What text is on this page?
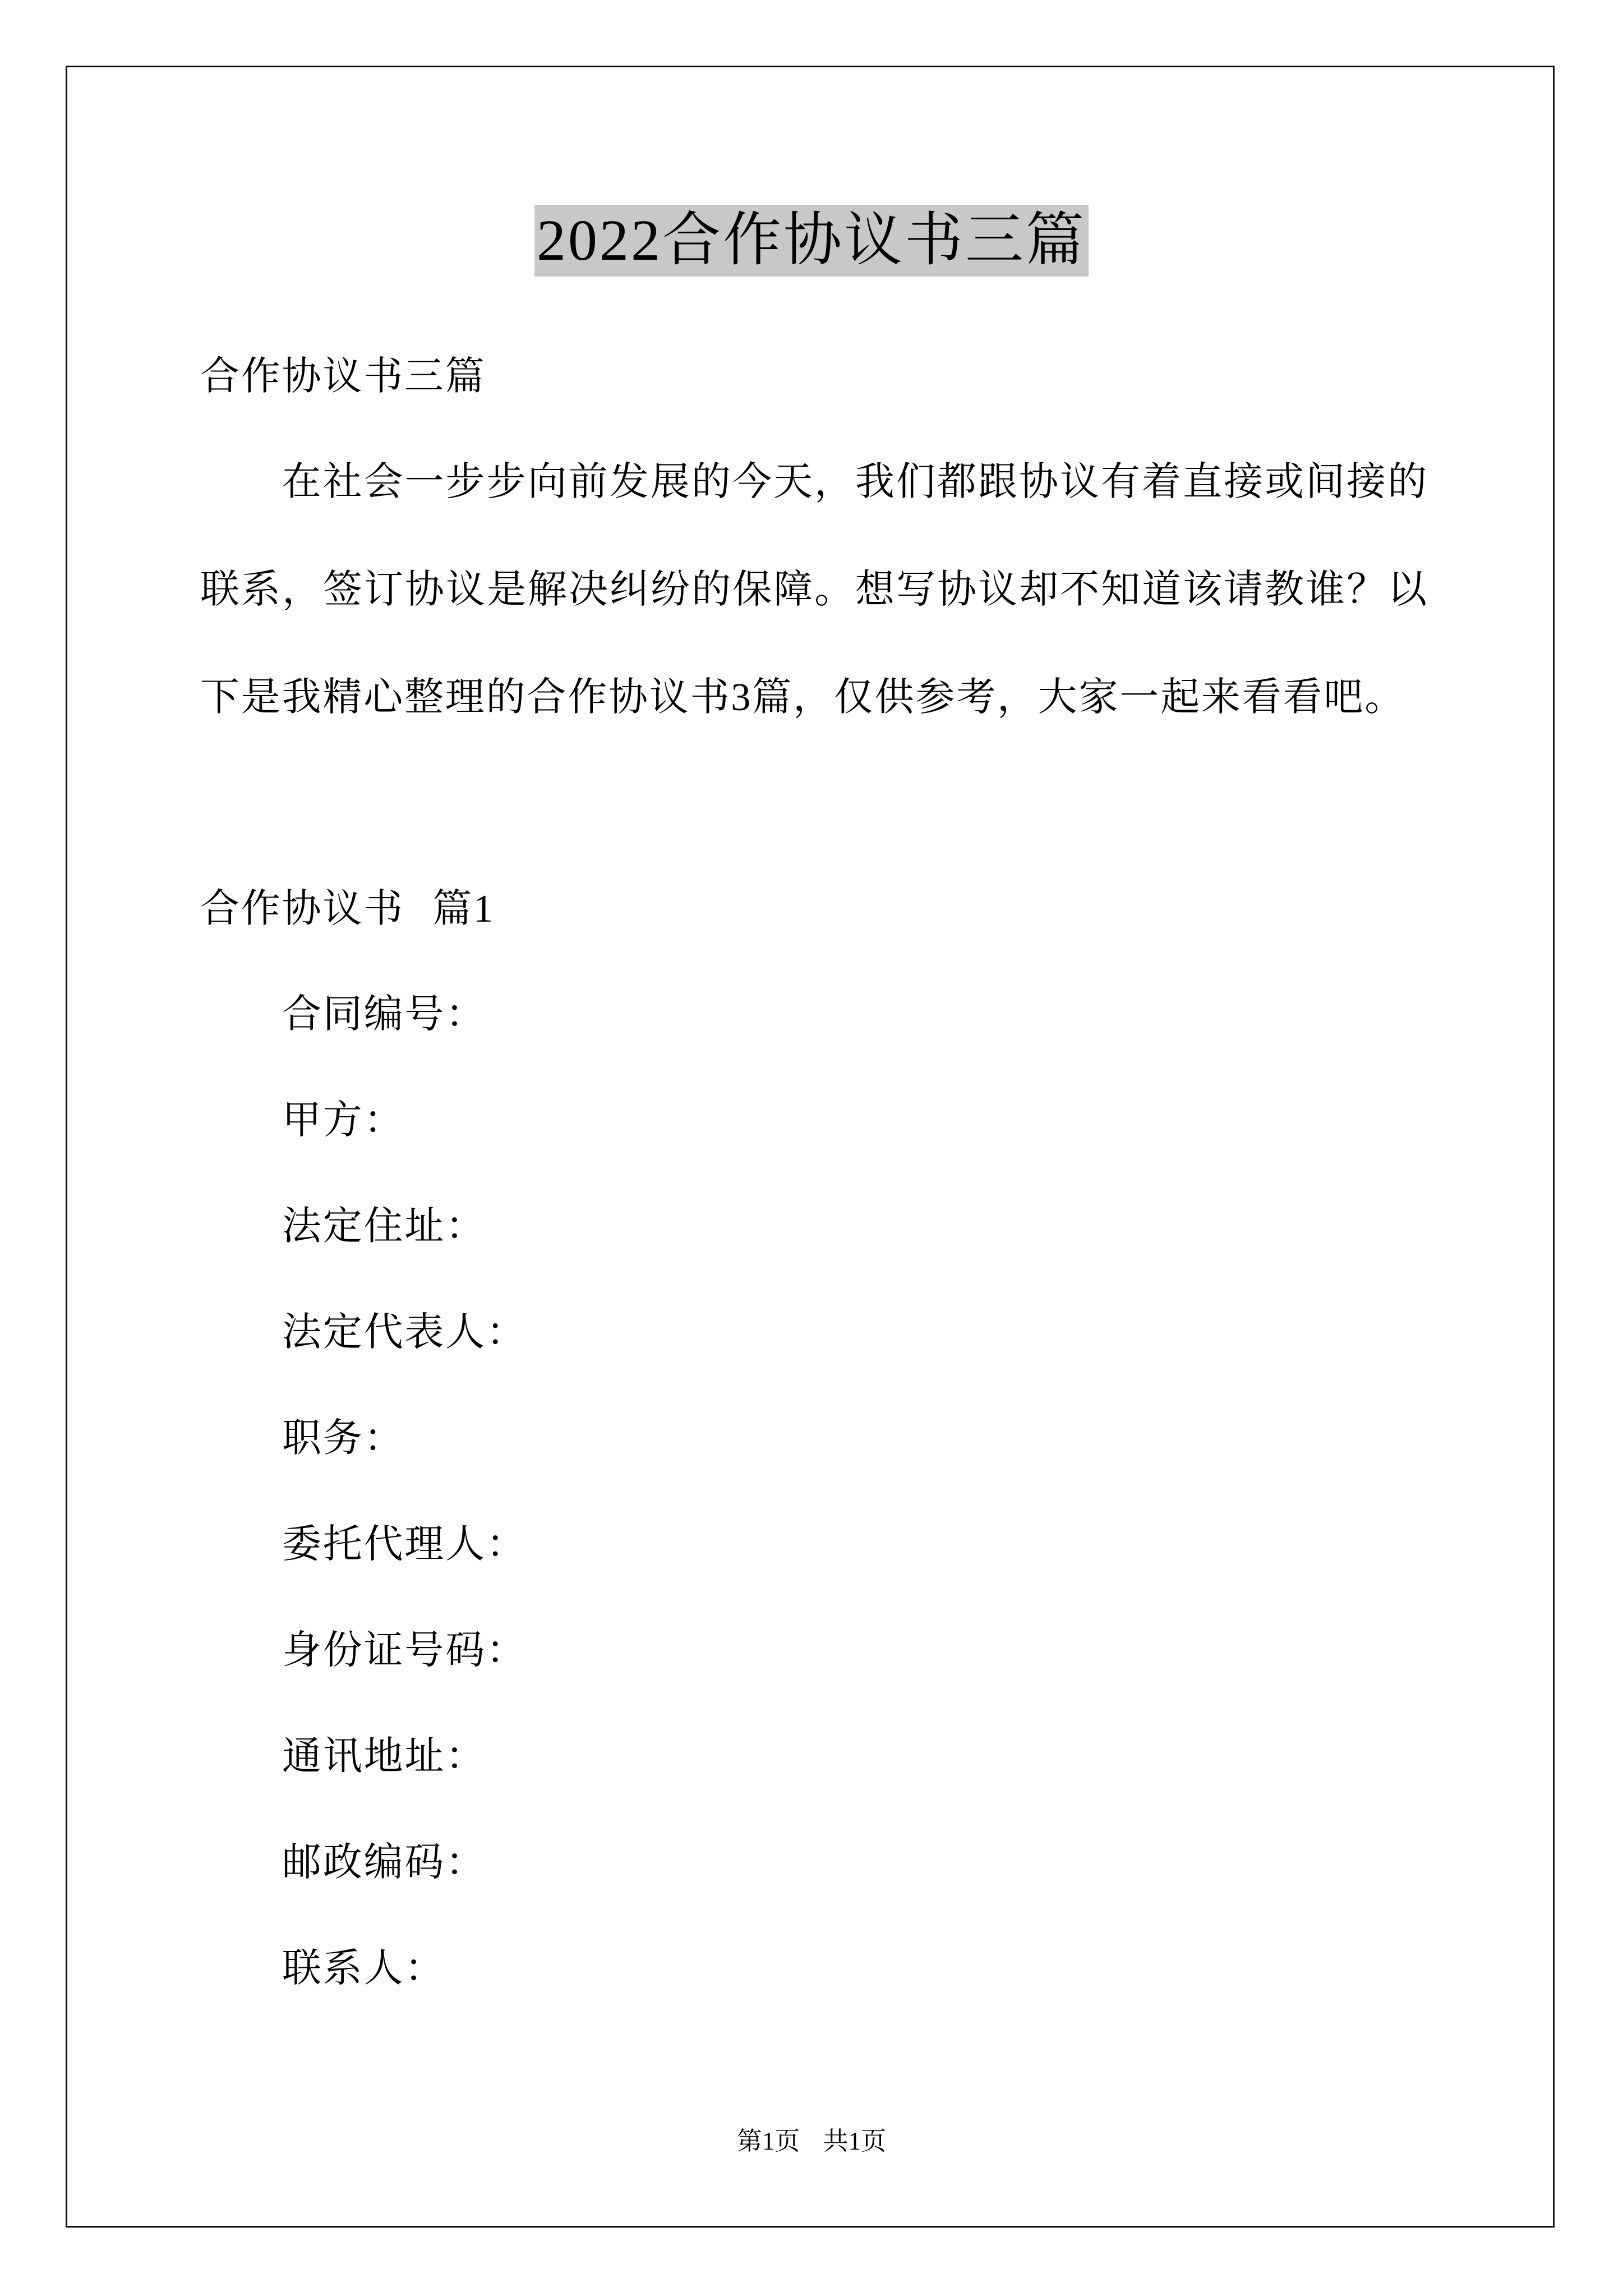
2022合作协议书三篇
合作协议书三篇

在社会一步步向前发展的今天，我们都跟协议有着直接或间接的联系，签订协议是解决纠纷的保障。想写协议却不知道该请教谁？以下是我精心整理的合作协议书3篇，仅供参考，大家一起来看看吧。

合作协议书 篇1
合同编号：
甲方：
法定住址：
法定代表人：
职务：
委托代理人：
身份证号码：
通讯地址：
邮政编码：
联系人：
第1页 共1页
